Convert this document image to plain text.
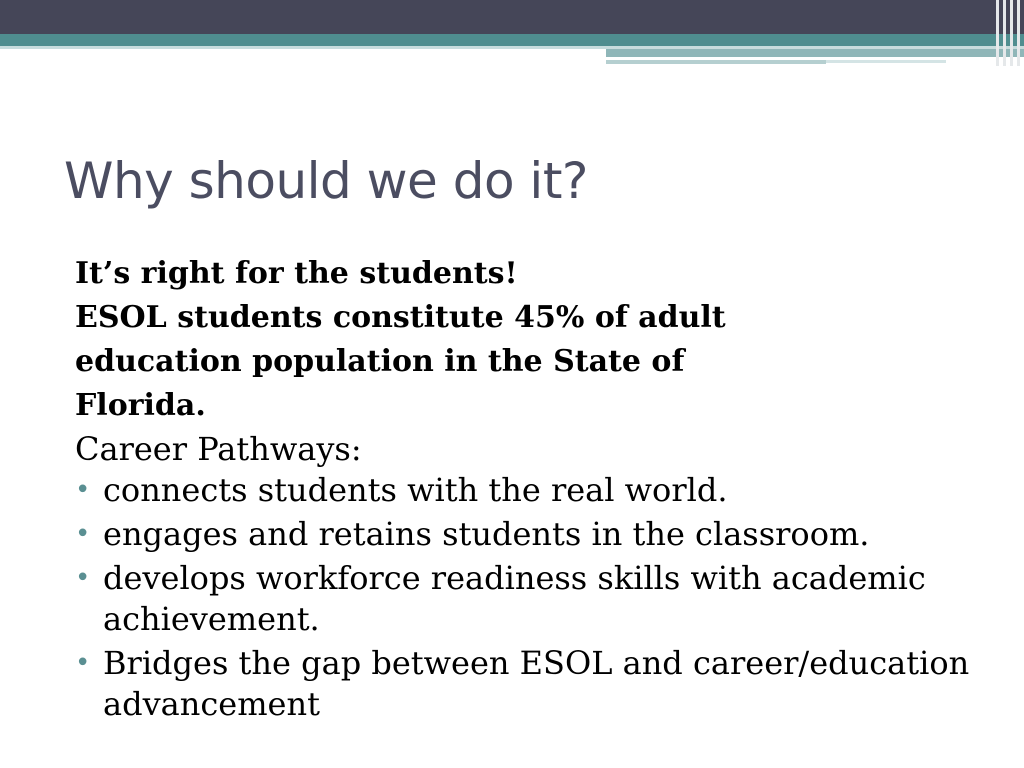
Why should we do it?

It’s right for the students!

ESOL students constitute 45% of adult

education population in the State of

Florida.

Career Pathways:

• connects students with the real world.
• engages and retains students in the classroom.
• develops workforce readiness skills with academic achievement.
• Bridges the gap between ESOL and career/education advancement
